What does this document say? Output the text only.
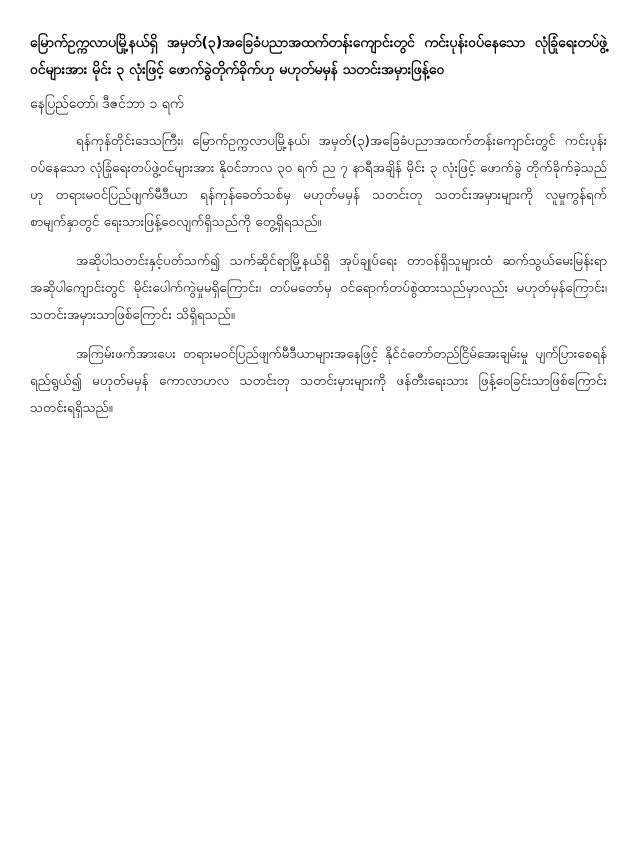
မြောက်ဥက္ကလာပမြို့နယ်ရှိ အမှတ်(၃)အခြေခံပညာအထက်တန်းကျောင်းတွင် ကင်းပုန်းဝပ်နေသော လုံခြုံရေးတပ်ဖွဲ့ဝင်များအား မိုင်း ၃ လုံးဖြင့် ဖောက်ခွဲတိုက်ခိုက်ဟု မဟုတ်မမှန် သတင်းအမှားဖြန့်ဝေ

နေပြည်တော်၊ ဒီဇင်ဘာ ၁ ရက်

ရန်ကုန်တိုင်းဒေသကြီး၊ မြောက်ဥက္ကလာပမြို့နယ်၊ အမှတ်(၃)အခြေခံပညာအထက်တန်းကျောင်းတွင် ကင်းပုန်းဝပ်နေသော လုံခြုံရေးတပ်ဖွဲ့ဝင်များအား နိုဝင်ဘာလ ၃၀ ရက် ည ၇ နာရီအချိန် မိုင်း ၃ လုံးဖြင့် ဖောက်ခွဲ တိုက်ခိုက်ခဲ့သည်ဟု တရားမဝင်ပြည်ဖျက်မီဒီယာ ရန်ကုန်ခေတ်သစ်မှ မဟုတ်မမှန် သတင်းတု သတင်းအမှားများကို လူမှုကွန်ရက်စာမျက်နှာတွင် ရေးသားဖြန့်ဝေလျက်ရှိသည်ကို တွေ့ရှိရသည်။

အဆိုပါသတင်းနှင့်ပတ်သက်၍ သက်ဆိုင်ရာမြို့နယ်ရှိ အုပ်ချုပ်ရေး တာဝန်ရှိသူများထံ ဆက်သွယ်မေးမြန်းရာ အဆိုပါကျောင်းတွင် မိုင်းပေါက်ကွဲမှုမရှိကြောင်း၊ တပ်မတော်မှ ဝင်ရောက်တပ်စွဲထားသည်မှာလည်း မဟုတ်မှန်ကြောင်း၊ သတင်းအမှားသာဖြစ်ကြောင်း သိရှိရသည်။

အကြမ်းဖက်အားပေး တရားမဝင်ပြည်ဖျက်မီဒီယာများအနေဖြင့် နိုင်ငံတော်တည်ငြိမ်အေးချမ်းမှု ပျက်ပြားစေရန် ရည်ရွယ်၍ မဟုတ်မမှန် ကောလာဟလ သတင်းတု သတင်းမှားများကို ဖန်တီးရေးသား ဖြန့်ဝေခြင်းသာဖြစ်ကြောင်း သတင်းရရှိသည်။
